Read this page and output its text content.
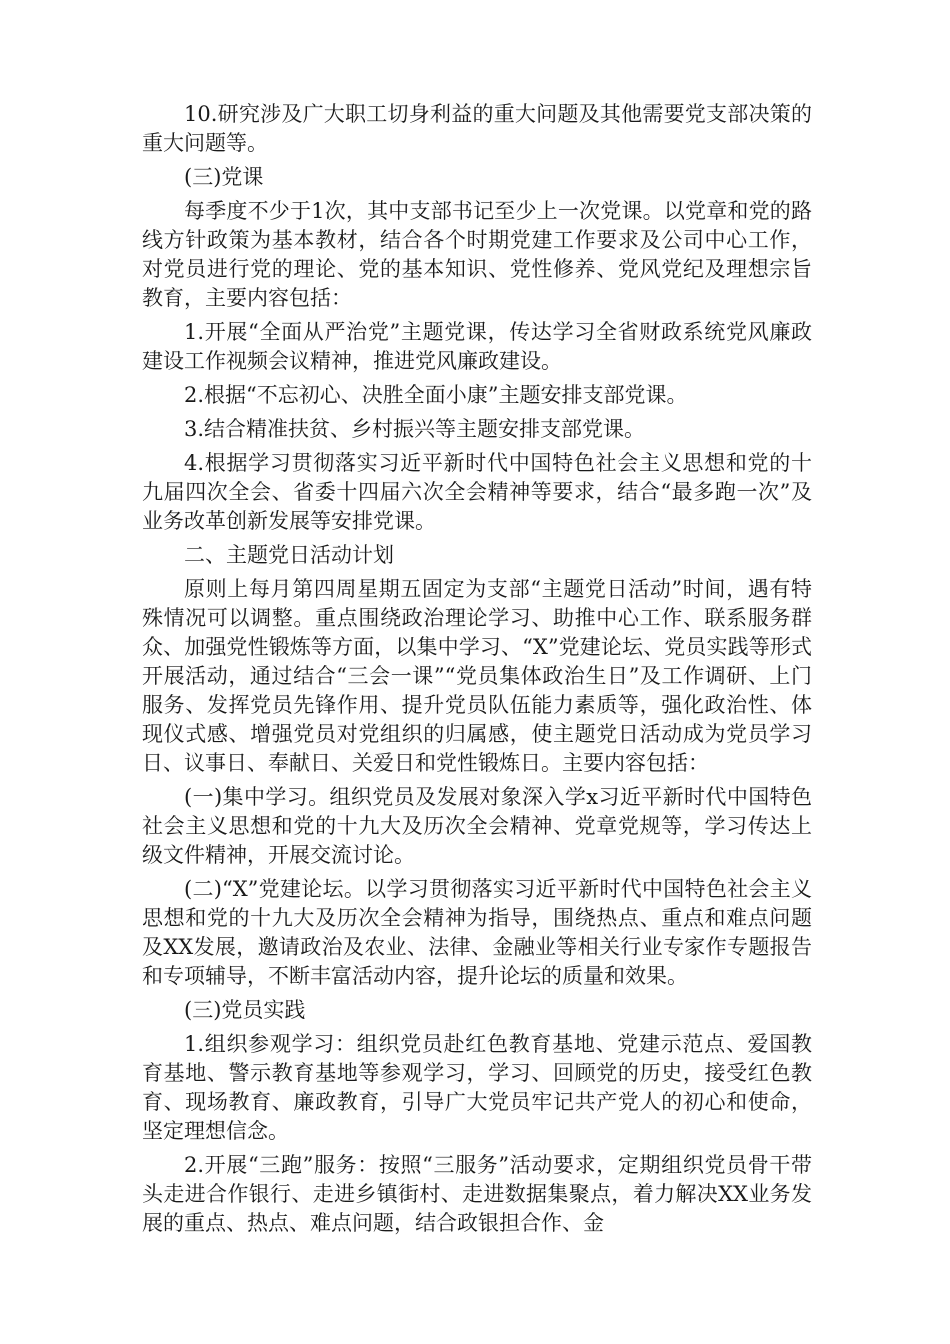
10.研究涉及广大职工切身利益的重大问题及其他需要党支部决策的重大问题等。

(三)党课

每季度不少于1次，其中支部书记至少上一次党课。以党章和党的路线方针政策为基本教材，结合各个时期党建工作要求及公司中心工作，对党员进行党的理论、党的基本知识、党性修养、党风党纪及理想宗旨教育，主要内容包括：

1.开展“全面从严治党”主题党课，传达学习全省财政系统党风廉政建设工作视频会议精神，推进党风廉政建设。

2.根据“不忘初心、决胜全面小康”主题安排支部党课。

3.结合精准扶贫、乡村振兴等主题安排支部党课。

4.根据学习贯彻落实习近平新时代中国特色社会主义思想和党的十九届四次全会、省委十四届六次全会精神等要求，结合“最多跑一次”及业务改革创新发展等安排党课。

二、主题党日活动计划

原则上每月第四周星期五固定为支部“主题党日活动”时间，遇有特殊情况可以调整。重点围绕政治理论学习、助推中心工作、联系服务群众、加强党性锻炼等方面，以集中学习、“X”党建论坛、党员实践等形式开展活动，通过结合“三会一课”“党员集体政治生日”及工作调研、上门服务、发挥党员先锋作用、提升党员队伍能力素质等，强化政治性、体现仪式感、增强党员对党组织的归属感，使主题党日活动成为党员学习日、议事日、奉献日、关爱日和党性锻炼日。主要内容包括：

(一)集中学习。组织党员及发展对象深入学x习近平新时代中国特色社会主义思想和党的十九大及历次全会精神、党章党规等，学习传达上级文件精神，开展交流讨论。

(二)“X”党建论坛。以学习贯彻落实习近平新时代中国特色社会主义思想和党的十九大及历次全会精神为指导，围绕热点、重点和难点问题及XX发展，邀请政治及农业、法律、金融业等相关行业专家作专题报告和专项辅导，不断丰富活动内容，提升论坛的质量和效果。

(三)党员实践

1.组织参观学习：组织党员赴红色教育基地、党建示范点、爱国教育基地、警示教育基地等参观学习，学习、回顾党的历史，接受红色教育、现场教育、廉政教育，引导广大党员牢记共产党人的初心和使命，坚定理想信念。

2.开展“三跑”服务：按照“三服务”活动要求，定期组织党员骨干带头走进合作银行、走进乡镇街村、走进数据集聚点，着力解决XX业务发展的重点、热点、难点问题，结合政银担合作、金
